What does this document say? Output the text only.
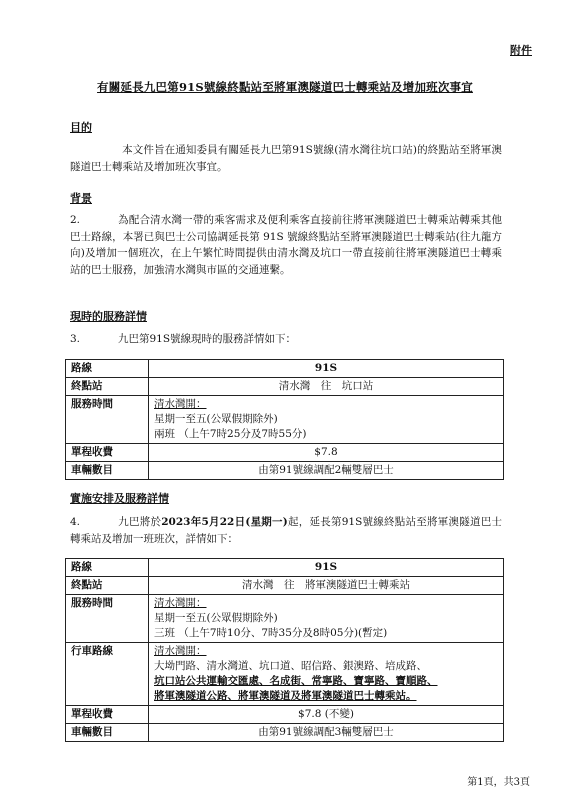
附件
有關延長九巴第91S號線終點站至將軍澳隧道巴士轉乘站及增加班次事宜
目的
本文件旨在通知委員有關延長九巴第91S號線(清水灣往坑口站)的終點站至將軍澳隧道巴士轉乘站及增加班次事宜。
背景
2.	為配合清水灣一帶的乘客需求及便利乘客直接前往將軍澳隧道巴士轉乘站轉乘其他巴士路線，本署已與巴士公司協調延長第 91S 號線終點站至將軍澳隧道巴士轉乘站(往九龍方向)及增加一個班次，在上午繁忙時間提供由清水灣及坑口一帶直接前往將軍澳隧道巴士轉乘站的巴士服務，加強清水灣與市區的交通連繫。
現時的服務詳情
3.	九巴第91S號線現時的服務詳情如下：
路線	91S
終點站	清水灣　往　坑口站
服務時間	清水灣開：
星期一至五(公眾假期除外)
兩班 （上午7時25分及7時55分)

單程收費	$7.8
車輛數目	由第91號線調配2輛雙層巴士
實施安排及服務詳情
4.	九巴將於2023年5月22日(星期一)起，延長第91S號線終點站至將軍澳隧道巴士轉乘站及增加一班班次，詳情如下：
路線	91S
終點站	清水灣　往　將軍澳隧道巴士轉乘站
服務時間	清水灣開：
星期一至五(公眾假期除外)
三班 （上午7時10分、7時35分及8時05分)(暫定)

行車路線	清水灣開：
大坳門路、清水灣道、坑口道、昭信路、銀澳路、培成路、
坑口站公共運輸交匯處、名成街、常寧路、寶寧路、寶順路、
將軍澳隧道公路、將軍澳隧道及將軍澳隧道巴士轉乘站。

單程收費	$7.8 (不變)
車輛數目	由第91號線調配3輛雙層巴士
第1頁，共3頁
